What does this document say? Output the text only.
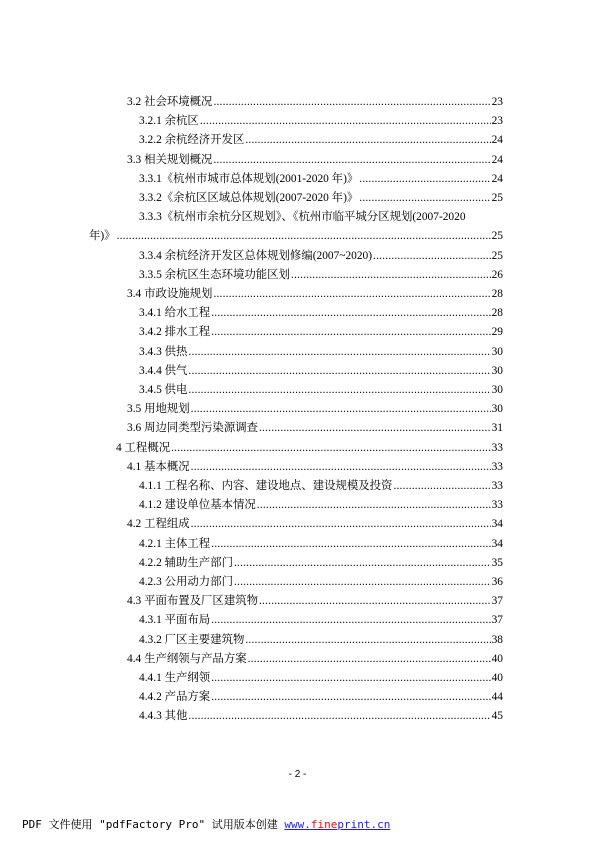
3.2 社会环境概况 .....	23
3.2.1 余杭区 .....	23
3.2.2 余杭经济开发区 .....	24
3.3 相关规划概况 .....	24
3.3.1《杭州市城市总体规划(2001-2020 年)》 .....	24
3.3.2《余杭区区域总体规划(2007-2020 年)》 .....	25
3.3.3《杭州市余杭分区规划》、《杭州市临平城分区规划(2007-2020
年)》 .....	25
3.3.4 余杭经济开发区总体规划修编(2007~2020) .....	25
3.3.5 余杭区生态环境功能区划 .....	26
3.4 市政设施规划 .....	28
3.4.1 给水工程 .....	28
3.4.2 排水工程 .....	29
3.4.3 供热 .....	30
3.4.4 供气 .....	30
3.4.5 供电 .....	30
3.5 用地规划 .....	30
3.6 周边同类型污染源调查 .....	31
4 工程概况 .....	33
4.1 基本概况 .....	33
4.1.1 工程名称、内容、建设地点、建设规模及投资 .....	33
4.1.2 建设单位基本情况 .....	33
4.2 工程组成 .....	34
4.2.1 主体工程 .....	34
4.2.2 辅助生产部门 .....	35
4.2.3 公用动力部门 .....	36
4.3 平面布置及厂区建筑物 .....	37
4.3.1 平面布局 .....	37
4.3.2 厂区主要建筑物 .....	38
4.4 生产纲领与产品方案 .....	40
4.4.1 生产纲领 .....	40
4.4.2 产品方案 .....	44
4.4.3 其他 .....	45
- 2 -
PDF 文件使用 "pdfFactory Pro" 试用版本创建 www.fineprint.cn
